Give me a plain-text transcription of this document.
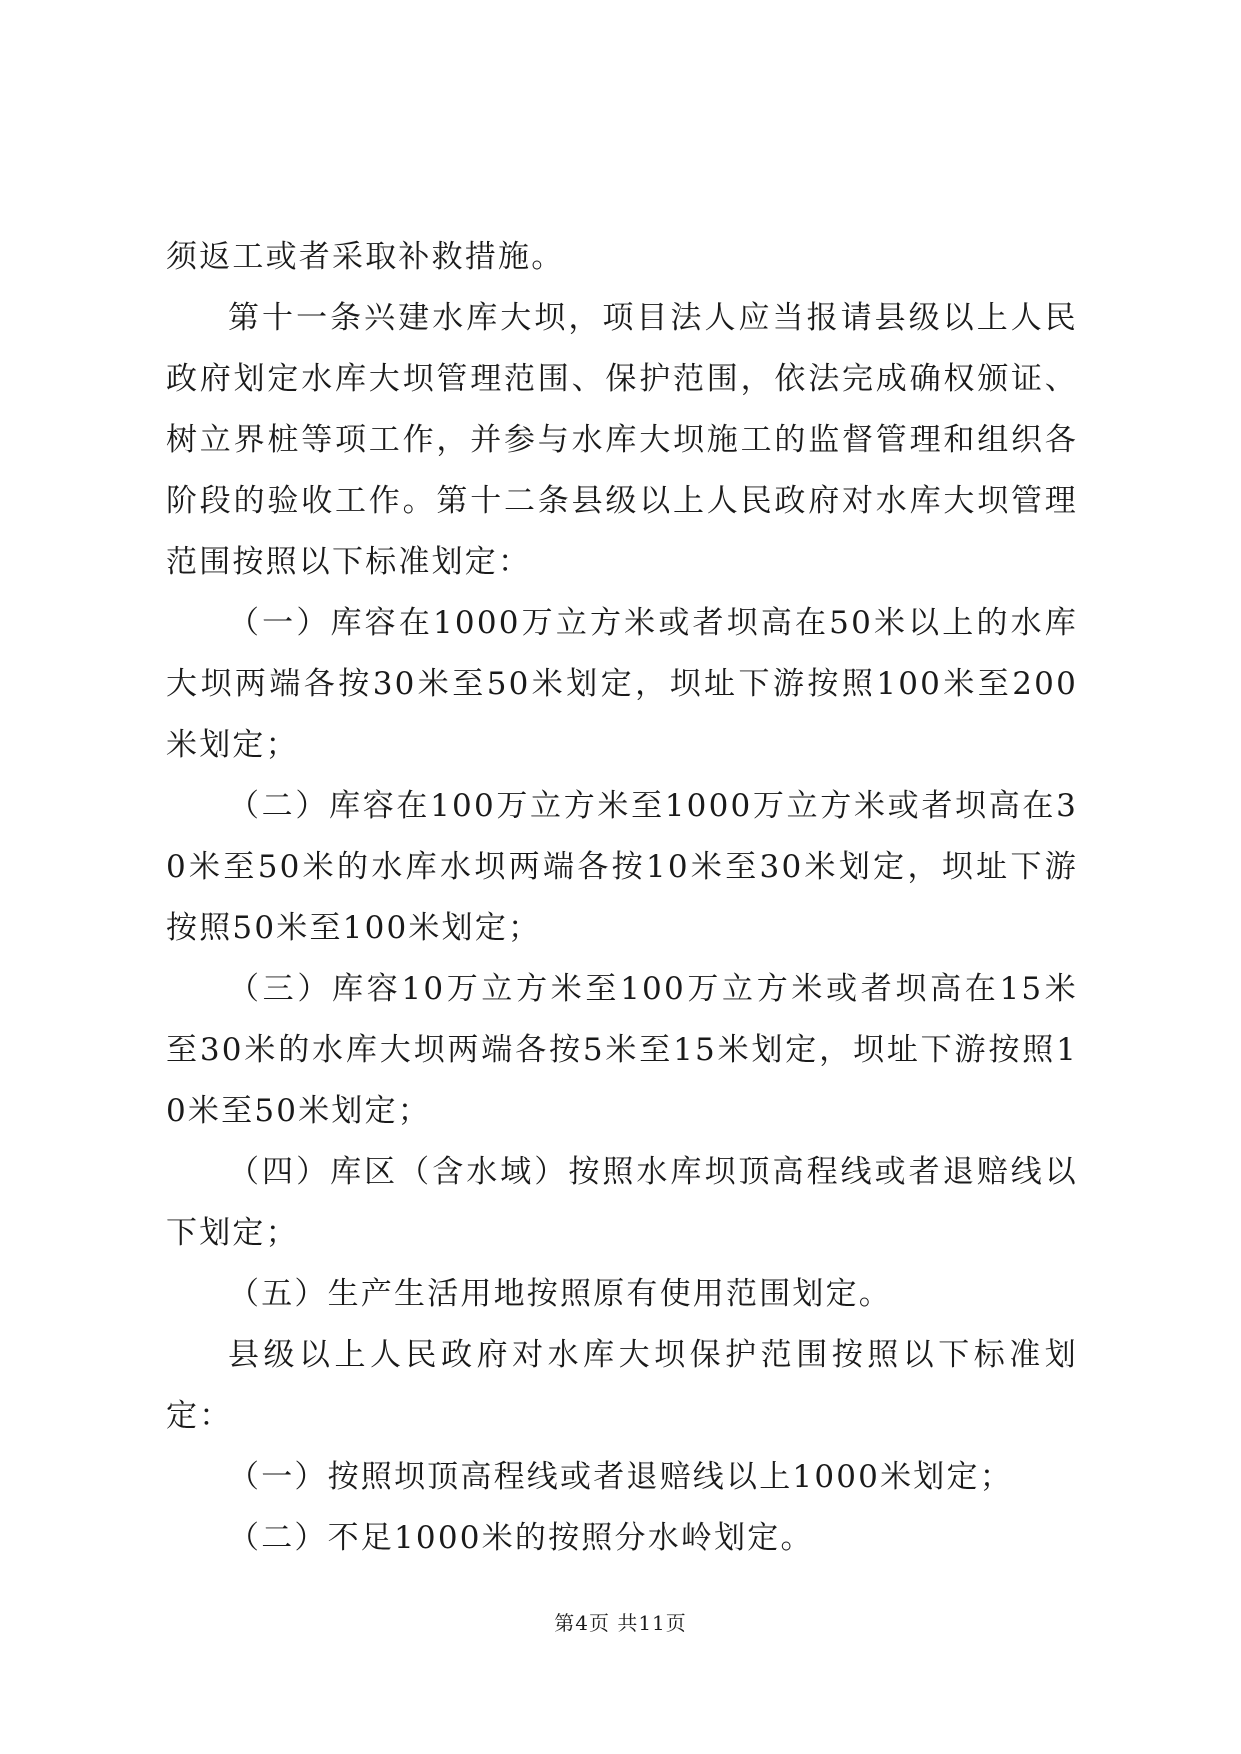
须返工或者采取补救措施。

第十一条兴建水库大坝，项目法人应当报请县级以上人民政府划定水库大坝管理范围、保护范围，依法完成确权颁证、树立界桩等项工作，并参与水库大坝施工的监督管理和组织各阶段的验收工作。第十二条县级以上人民政府对水库大坝管理范围按照以下标准划定：

（一）库容在1000万立方米或者坝高在50米以上的水库大坝两端各按30米至50米划定，坝址下游按照100米至200米划定；

（二）库容在100万立方米至1000万立方米或者坝高在30米至50米的水库水坝两端各按10米至30米划定，坝址下游按照50米至100米划定；

（三）库容10万立方米至100万立方米或者坝高在15米至30米的水库大坝两端各按5米至15米划定，坝址下游按照10米至50米划定；

（四）库区（含水域）按照水库坝顶高程线或者退赔线以下划定；

（五）生产生活用地按照原有使用范围划定。

县级以上人民政府对水库大坝保护范围按照以下标准划定：

（一）按照坝顶高程线或者退赔线以上1000米划定；

（二）不足1000米的按照分水岭划定。

第4页 共11页
